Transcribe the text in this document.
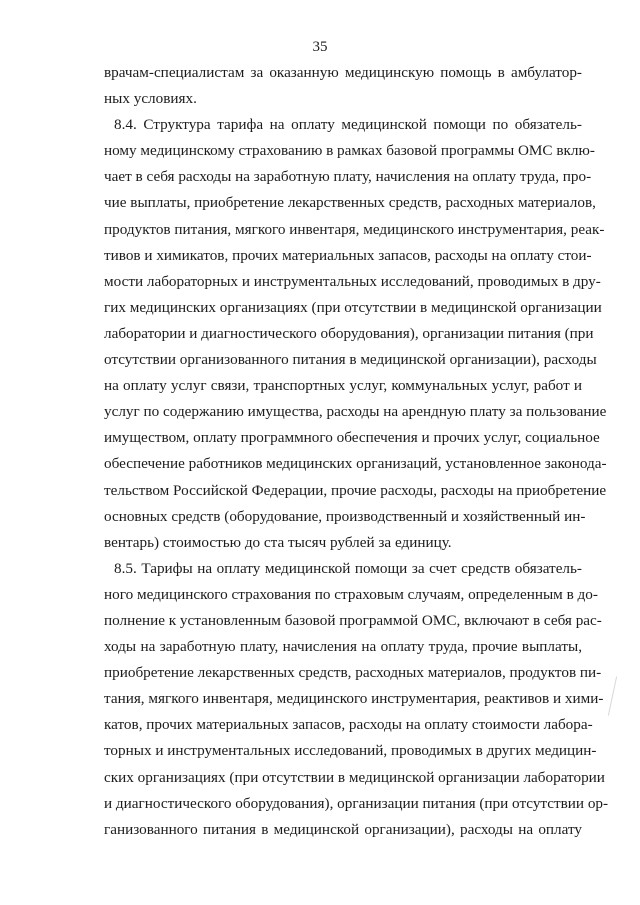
35
врачам-специалистам за оказанную медицинскую помощь в амбулатор-
ных условиях.
8.4. Структура тарифа на оплату медицинской помощи по обязатель-
ному медицинскому страхованию в рамках базовой программы ОМС вклю-
чает в себя расходы на заработную плату, начисления на оплату труда, про-
чие выплаты, приобретение лекарственных средств, расходных материалов,
продуктов питания, мягкого инвентаря, медицинского инструментария, реак-
тивов и химикатов, прочих материальных запасов, расходы на оплату стои-
мости лабораторных и инструментальных исследований, проводимых в дру-
гих медицинских организациях (при отсутствии в медицинской организации
лаборатории и диагностического оборудования), организации питания (при
отсутствии организованного питания в медицинской организации), расходы
на оплату услуг связи, транспортных услуг, коммунальных услуг, работ и
услуг по содержанию имущества, расходы на арендную плату за пользование
имуществом, оплату программного обеспечения и прочих услуг, социальное
обеспечение работников медицинских организаций, установленное законода-
тельством Российской Федерации, прочие расходы, расходы на приобретение
основных средств (оборудование, производственный и хозяйственный ин-
вентарь) стоимостью до ста тысяч рублей за единицу.
8.5. Тарифы на оплату медицинской помощи за счет средств обязатель-
ного медицинского страхования по страховым случаям, определенным в до-
полнение к установленным базовой программой ОМС, включают в себя рас-
ходы на заработную плату, начисления на оплату труда, прочие выплаты,
приобретение лекарственных средств, расходных материалов, продуктов пи-
тания, мягкого инвентаря, медицинского инструментария, реактивов и хими-
катов, прочих материальных запасов, расходы на оплату стоимости лабора-
торных и инструментальных исследований, проводимых в других медицин-
ских организациях (при отсутствии в медицинской организации лаборатории
и диагностического оборудования), организации питания (при отсутствии ор-
ганизованного питания в медицинской организации), расходы на оплату
